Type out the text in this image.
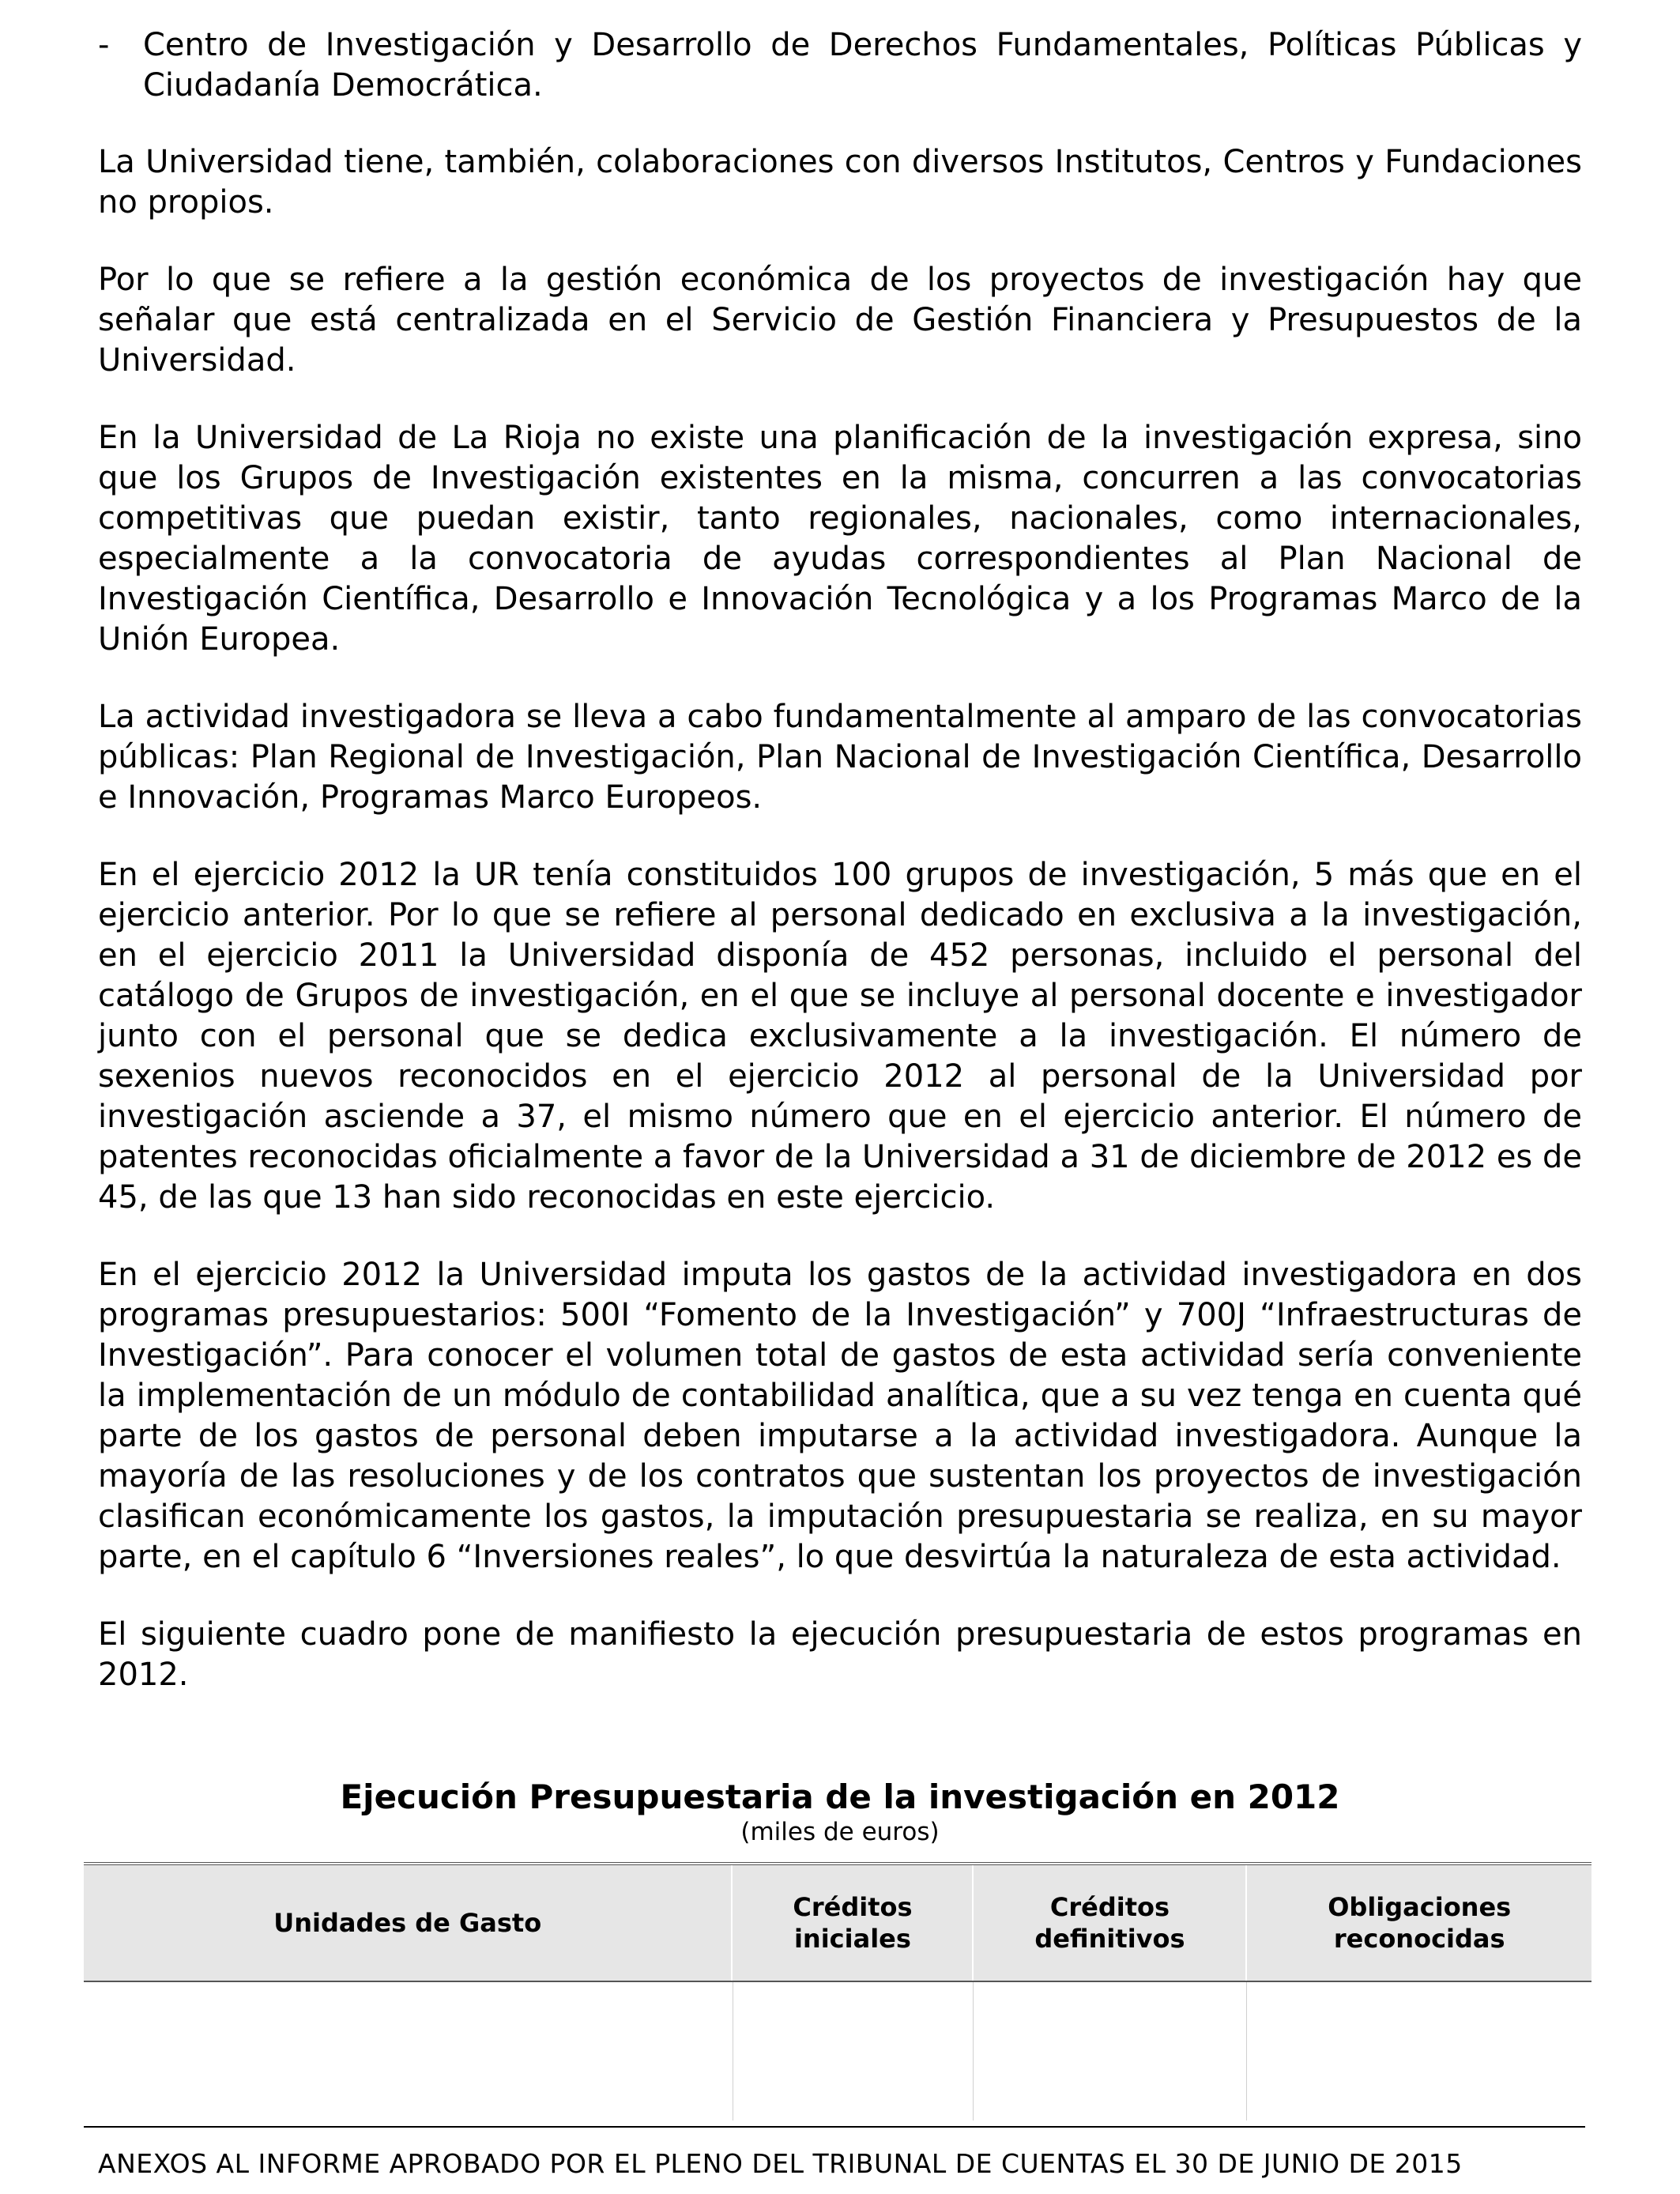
-	Centro de Investigación y Desarrollo de Derechos Fundamentales, Políticas Públicas y Ciudadanía Democrática.

La Universidad tiene, también, colaboraciones con diversos Institutos, Centros y Fundaciones no propios.

Por lo que se refiere a la gestión económica de los proyectos de investigación hay que señalar que está centralizada en el Servicio de Gestión Financiera y Presupuestos de la Universidad.

En la Universidad de La Rioja no existe una planificación de la investigación expresa, sino que los Grupos de Investigación existentes en la misma, concurren a las convocatorias competitivas que puedan existir, tanto regionales, nacionales, como internacionales, especialmente a la convocatoria de ayudas correspondientes al Plan Nacional de Investigación Científica, Desarrollo e Innovación Tecnológica y a los Programas Marco de la Unión Europea.

La actividad investigadora se lleva a cabo fundamentalmente al amparo de las convocatorias públicas: Plan Regional de Investigación, Plan Nacional de Investigación Científica, Desarrollo e Innovación, Programas Marco Europeos.

En el ejercicio 2012 la UR tenía constituidos 100 grupos de investigación, 5 más que en el ejercicio anterior. Por lo que se refiere al personal dedicado en exclusiva a la investigación, en el ejercicio 2011 la Universidad disponía de 452 personas, incluido el personal del catálogo de Grupos de investigación, en el que se incluye al personal docente e investigador junto con el personal que se dedica exclusivamente a la investigación. El número de sexenios nuevos reconocidos en el ejercicio 2012 al personal de la Universidad por investigación asciende a 37, el mismo número que en el ejercicio anterior. El número de patentes reconocidas oficialmente a favor de la Universidad a 31 de diciembre de 2012 es de 45, de las que 13 han sido reconocidas en este ejercicio.

En el ejercicio 2012 la Universidad imputa los gastos de la actividad investigadora en dos programas presupuestarios: 500I “Fomento de la Investigación” y 700J “Infraestructuras de Investigación”. Para conocer el volumen total de gastos de esta actividad sería conveniente la implementación de un módulo de contabilidad analítica, que a su vez tenga en cuenta qué parte de los gastos de personal deben imputarse a la actividad investigadora. Aunque la mayoría de las resoluciones y de los contratos que sustentan los proyectos de investigación clasifican económicamente los gastos, la imputación presupuestaria se realiza, en su mayor parte, en el capítulo 6 “Inversiones reales”, lo que desvirtúa la naturaleza de esta actividad.

El siguiente cuadro pone de manifiesto la ejecución presupuestaria de estos programas en 2012.

Ejecución Presupuestaria de la investigación en 2012
(miles de euros)
Unidades de Gasto
Créditos iniciales
Créditos definitivos
Obligaciones reconocidas
ANEXOS AL INFORME APROBADO POR EL PLENO DEL TRIBUNAL DE CUENTAS EL 30 DE JUNIO DE 2015
